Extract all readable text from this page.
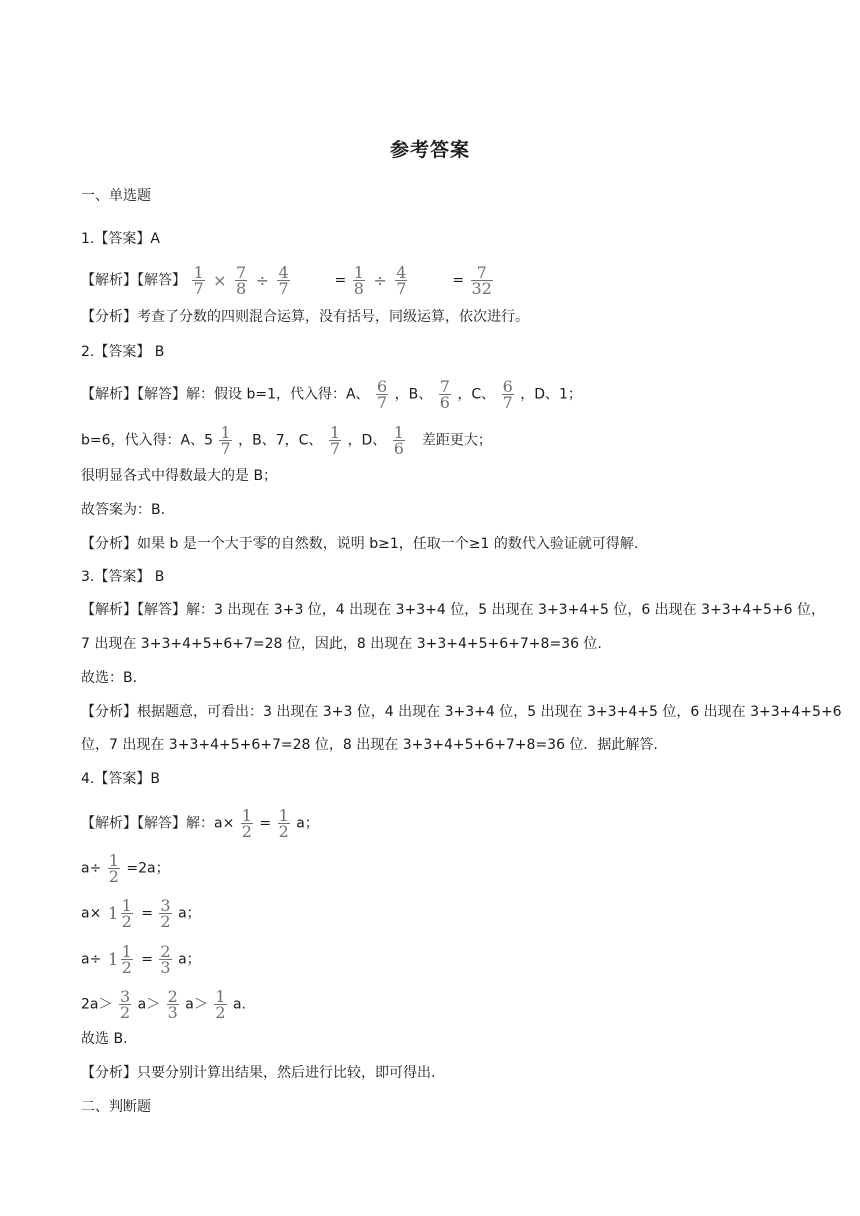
参考答案
一、单选题
1.【答案】A
【解析】【解答】 $\frac{1}{7} \times \frac{7}{8} \div \frac{4}{7}$	= $\frac{1}{8} \div \frac{4}{7}$	= $\frac{7}{32}$
【分析】考查了分数的四则混合运算，没有括号，同级运算，依次进行。
2.【答案】 B
【解析】【解答】解：假设 b=1，代入得：A、 $\frac{6}{7}$ ，B、 $\frac{7}{6}$ ，C、 $\frac{6}{7}$ ，D、1；
b=6，代入得：A、$5 \frac{1}{7}$ ，B、7，C、 $\frac{1}{7}$ ，D、 $\frac{1}{6}$ 差距更大；
很明显各式中得数最大的是 B；
故答案为：B.
【分析】如果 b 是一个大于零的自然数，说明 b≥1，任取一个≥1 的数代入验证就可得解.
3.【答案】 B
【解析】【解答】解：3 出现在 3+3 位，4 出现在 3+3+4 位，5 出现在 3+3+4+5 位，6 出现在 3+3+4+5+6 位，
7 出现在 3+3+4+5+6+7=28 位，因此，8 出现在 3+3+4+5+6+7+8=36 位.
故选：B.
【分析】根据题意，可看出：3 出现在 3+3 位，4 出现在 3+3+4 位，5 出现在 3+3+4+5 位，6 出现在 3+3+4+5+6
位，7 出现在 3+3+4+5+6+7=28 位，8 出现在 3+3+4+5+6+7+8=36 位．据此解答.
4.【答案】B
【解析】【解答】解：$a\times \frac{1}{2} = \frac{1}{2}$ a；
$a\div \frac{1}{2} =2a$；
$a\times 1 \frac{1}{2} = \frac{3}{2}$ a；
$a\div 1 \frac{1}{2} = \frac{2}{3}$ a；
$2a> \frac{3}{2} a> \frac{2}{3} a> \frac{1}{2} a$.
故选 B.
【分析】只要分别计算出结果，然后进行比较，即可得出.
二、判断题
